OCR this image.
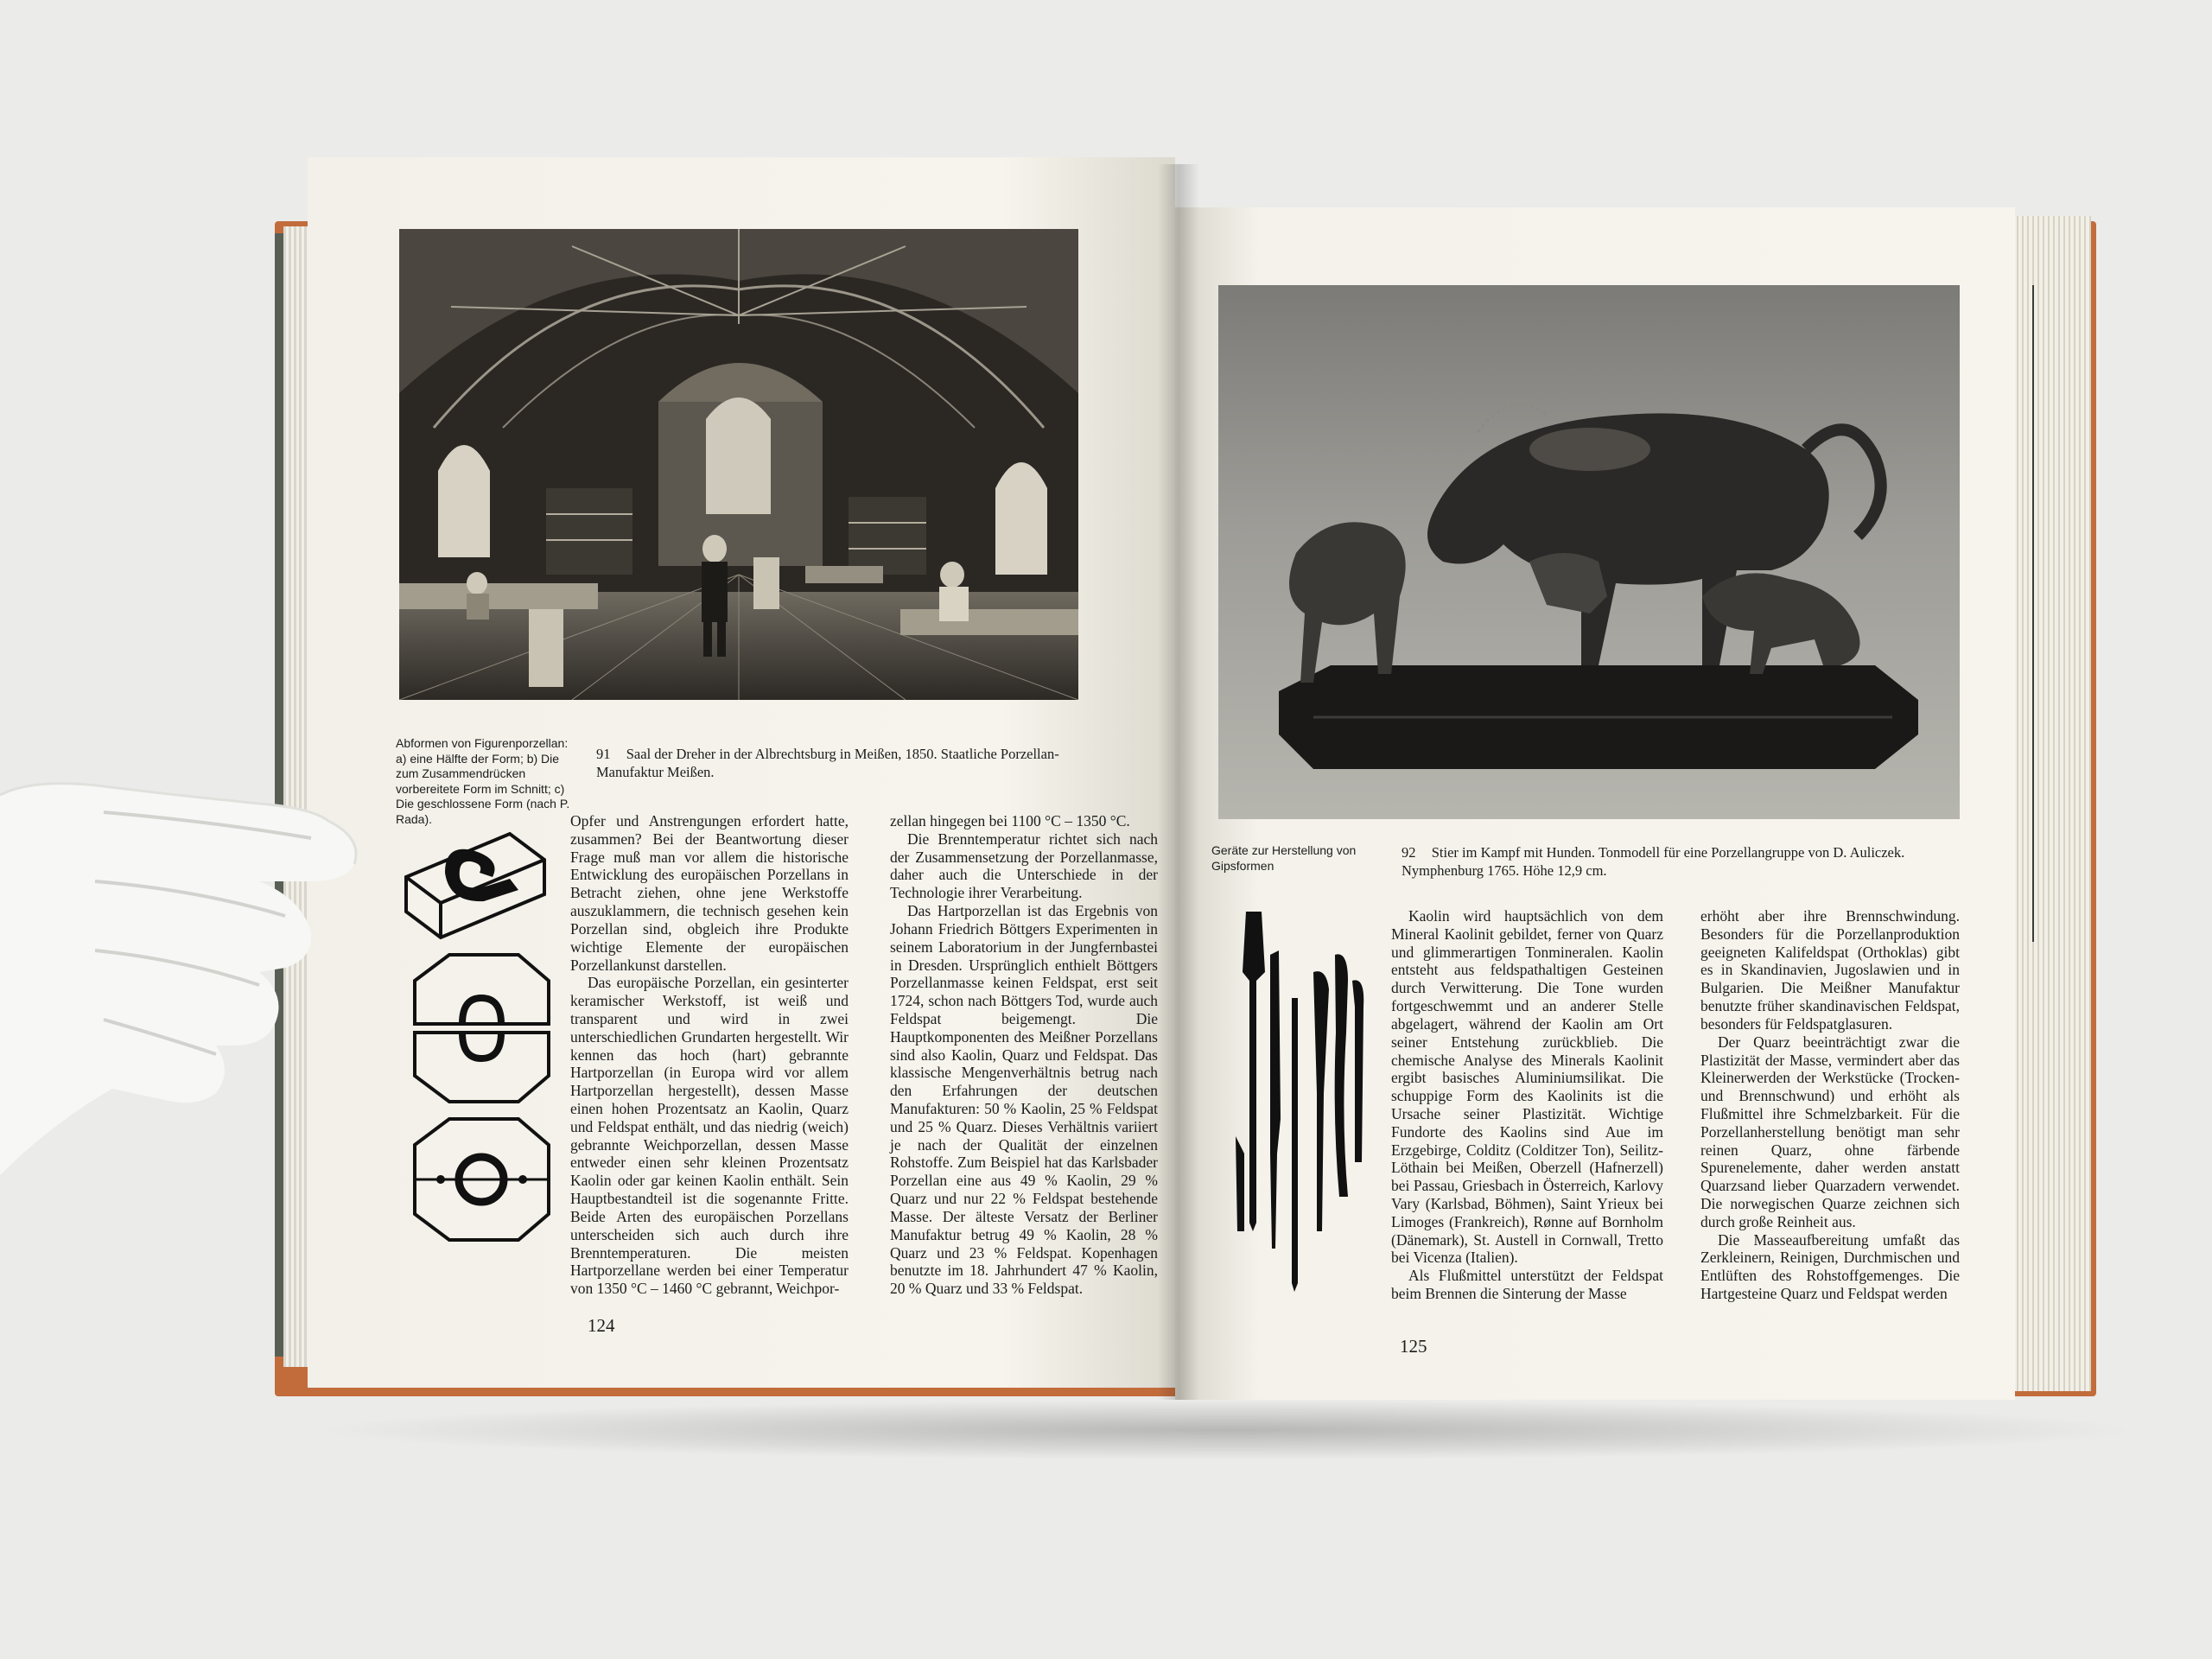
Abformen von Figurenporzellan: a) eine Hälfte der Form; b) Die zum Zusammendrücken vorbereitete Form im Schnitt; c) Die geschlossene Form (nach P. Rada).
91 Saal der Dreher in der Albrechtsburg in Meißen, 1850. Staatliche Porzellan-Manufaktur Meißen.

Opfer und Anstrengungen erfordert hatte, zusammen? Bei der Beantwortung dieser Frage muß man vor allem die historische Entwicklung des europäischen Porzellans in Betracht ziehen, ohne jene Werkstoffe auszuklammern, die technisch gesehen kein Porzellan sind, obgleich ihre Produkte wichtige Elemente der europäischen Porzellankunst darstellen.

Das europäische Porzellan, ein gesinterter keramischer Werkstoff, ist weiß und transparent und wird in zwei unterschiedlichen Grundarten hergestellt. Wir kennen das hoch (hart) gebrannte Hartporzellan (in Europa wird vor allem Hartporzellan hergestellt), dessen Masse einen hohen Prozentsatz an Kaolin, Quarz und Feldspat enthält, und das niedrig (weich) gebrannte Weichporzellan, dessen Masse entweder einen sehr kleinen Prozentsatz Kaolin oder gar keinen Kaolin enthält. Sein Hauptbestandteil ist die sogenannte Fritte. Beide Arten des europäischen Porzellans unterscheiden sich auch durch ihre Brenntemperaturen. Die meisten Hartporzellane werden bei einer Temperatur von 1350 °C – 1460 °C gebrannt, Weichpor-

zellan hingegen bei 1100 °C – 1350 °C.

Die Brenntemperatur richtet sich nach der Zusammensetzung der Porzellanmasse, daher auch die Unterschiede in der Technologie ihrer Verarbeitung.

Das Hartporzellan ist das Ergebnis von Johann Friedrich Böttgers Experimenten in seinem Laboratorium in der Jungfernbastei in Dresden. Ursprünglich enthielt Böttgers Porzellanmasse keinen Feldspat, erst seit 1724, schon nach Böttgers Tod, wurde auch Feldspat beigemengt. Die Hauptkomponenten des Meißner Porzellans sind also Kaolin, Quarz und Feldspat. Das klassische Mengenverhältnis betrug nach den Erfahrungen der deutschen Manufakturen: 50 % Kaolin, 25 % Feldspat und 25 % Quarz. Dieses Verhältnis variiert je nach der Qualität der einzelnen Rohstoffe. Zum Beispiel hat das Karlsbader Porzellan eine aus 49 % Kaolin, 29 % Quarz und nur 22 % Feldspat bestehende Masse. Der älteste Versatz der Berliner Manufaktur betrug 49 % Kaolin, 28 % Quarz und 23 % Feldspat. Kopenhagen benutzte im 18. Jahrhundert 47 % Kaolin, 20 % Quarz und 33 % Feldspat.

124
Geräte zur Herstellung von Gipsformen
92 Stier im Kampf mit Hunden. Tonmodell für eine Porzellangruppe von D. Auliczek. Nymphenburg 1765. Höhe 12,9 cm.

Kaolin wird hauptsächlich von dem Mineral Kaolinit gebildet, ferner von Quarz und glimmerartigen Tonmineralen. Kaolin entsteht aus feldspathaltigen Gesteinen durch Verwitterung. Die Tone wurden fortgeschwemmt und an anderer Stelle abgelagert, während der Kaolin am Ort seiner Entstehung zurückblieb. Die chemische Analyse des Minerals Kaolinit ergibt basisches Aluminiumsilikat. Die schuppige Form des Kaolinits ist die Ursache seiner Plastizität. Wichtige Fundorte des Kaolins sind Aue im Erzgebirge, Colditz (Colditzer Ton), Seilitz-Löthain bei Meißen, Oberzell (Hafnerzell) bei Passau, Griesbach in Österreich, Karlovy Vary (Karlsbad, Böhmen), Saint Yrieux bei Limoges (Frankreich), Rønne auf Bornholm (Dänemark), St. Austell in Cornwall, Tretto bei Vicenza (Italien).

Als Flußmittel unterstützt der Feldspat beim Brennen die Sinterung der Masse

erhöht aber ihre Brennschwindung. Besonders für die Porzellanproduktion geeigneten Kalifeldspat (Orthoklas) gibt es in Skandinavien, Jugoslawien und in Bulgarien. Die Meißner Manufaktur benutzte früher skandinavischen Feldspat, besonders für Feldspatglasuren.

Der Quarz beeinträchtigt zwar die Plastizität der Masse, vermindert aber das Kleinerwerden der Werkstücke (Trocken- und Brennschwund) und erhöht als Flußmittel ihre Schmelzbarkeit. Für die Porzellanherstellung benötigt man sehr reinen Quarz, ohne färbende Spurenelemente, daher werden anstatt Quarzsand lieber Quarzadern verwendet. Die norwegischen Quarze zeichnen sich durch große Reinheit aus.

Die Masseaufbereitung umfaßt das Zerkleinern, Reinigen, Durchmischen und Entlüften des Rohstoffgemenges. Die Hartgesteine Quarz und Feldspat werden

125
